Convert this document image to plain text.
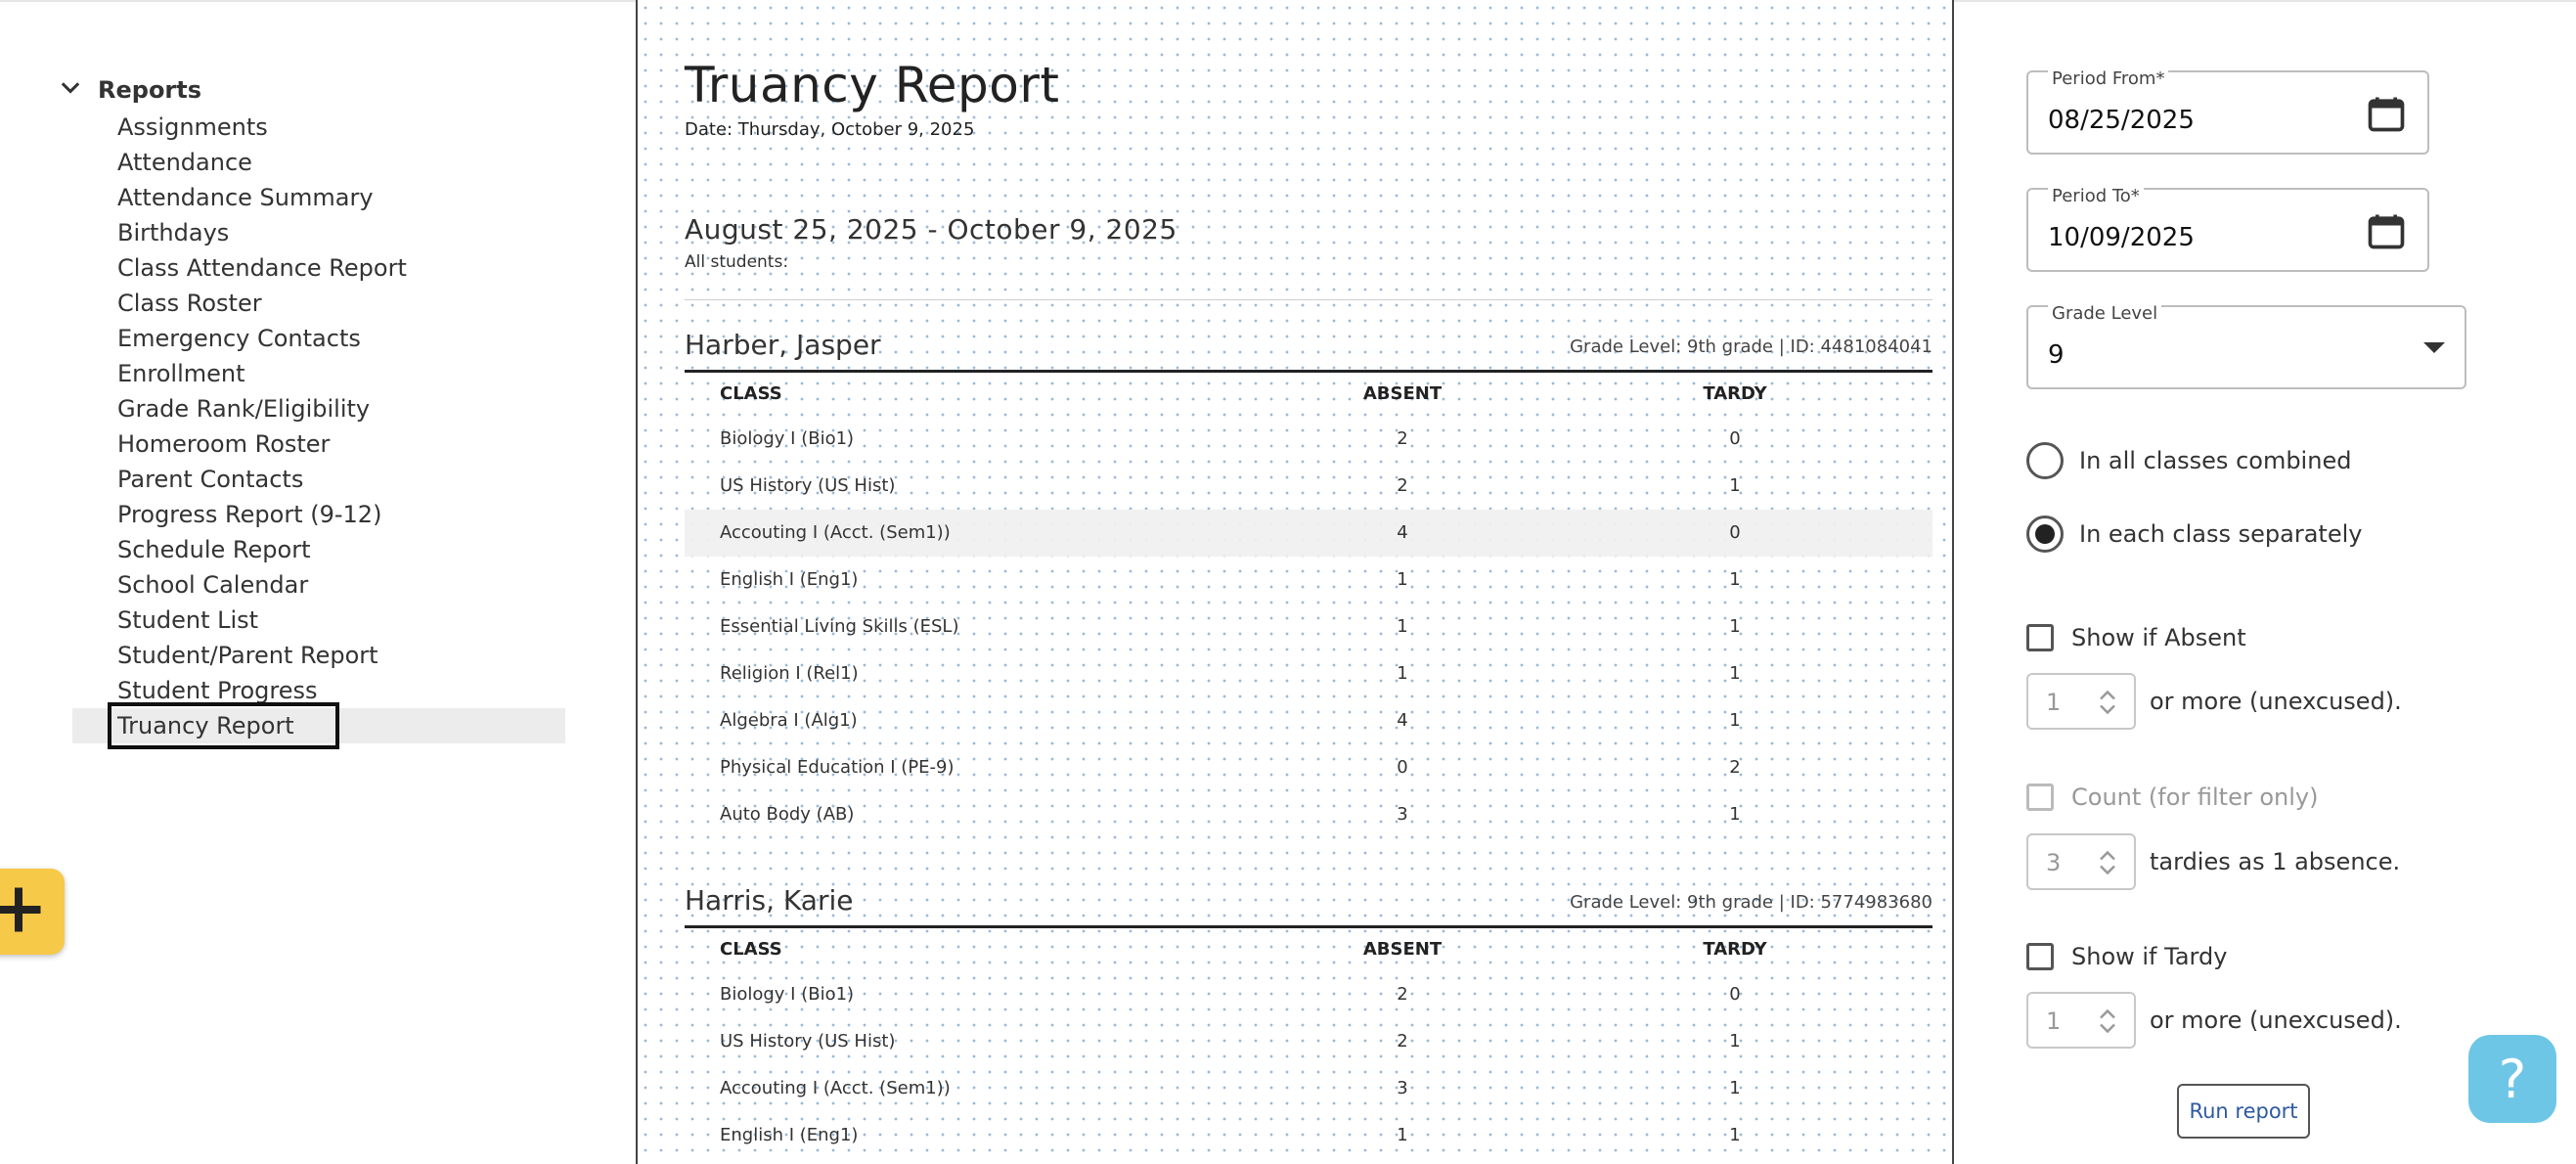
Reports
Assignments
Attendance
Attendance Summary
Birthdays
Class Attendance Report
Class Roster
Emergency Contacts
Enrollment
Grade Rank/Eligibility
Homeroom Roster
Parent Contacts
Progress Report (9-12)
Schedule Report
School Calendar
Student List
Student/Parent Report
Student Progress
Truancy Report
Truancy Report
Date: Thursday, October 9, 2025
August 25, 2025 - October 9, 2025
All students:
Harber, Jasper	Grade Level: 9th grade | ID: 4481084041
CLASS	ABSENT	TARDY
Biology I (Bio1)	2	0
US History (US Hist)	2	1
Accouting I (Acct. (Sem1))	4	0
English I (Eng1)	1	1
Essential Living Skills (ESL)	1	1
Religion I (Rel1)	1	1
Algebra I (Alg1)	4	1
Physical Education I (PE-9)	0	2
Auto Body (AB)	3	1
Harris, Karie	Grade Level: 9th grade | ID: 5774983680
CLASS	ABSENT	TARDY
Biology I (Bio1)	2	0
US History (US Hist)	2	1
Accouting I (Acct. (Sem1))	3	1
English I (Eng1)	1	1
Period From*
08/25/2025
Period To*
10/09/2025
Grade Level
9
In all classes combined
In each class separately
Show if Absent
1	or more (unexcused).
Count (for filter only)
3	tardies as 1 absence.
Show if Tardy
1	or more (unexcused).
Run report
?
